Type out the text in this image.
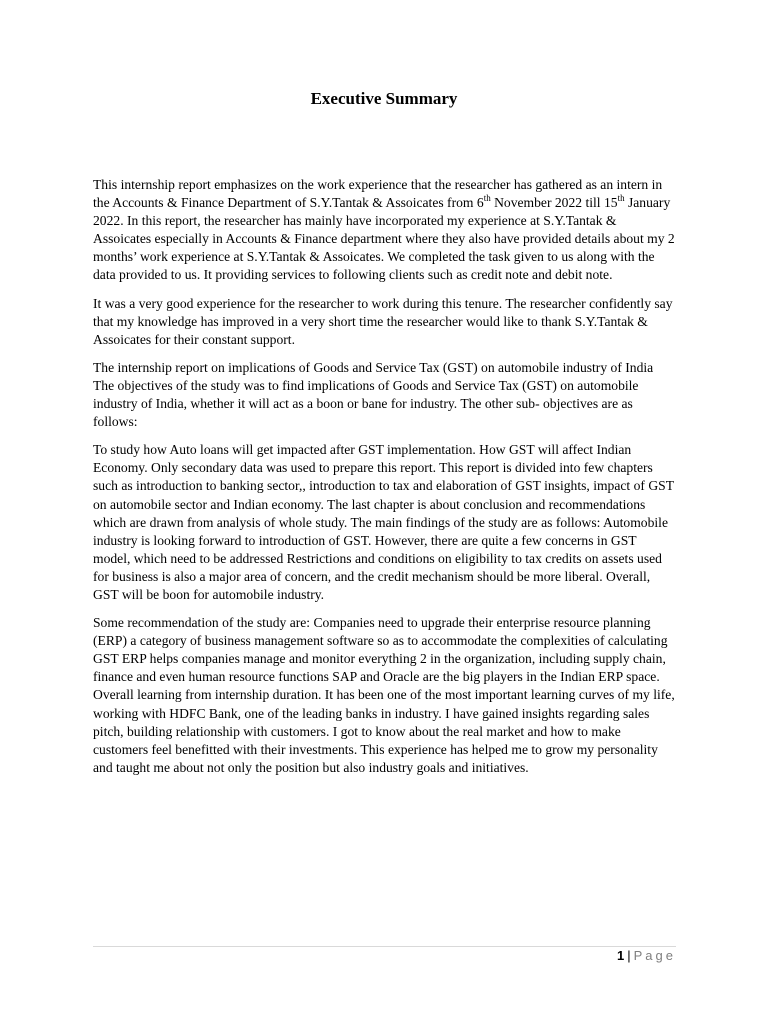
Executive Summary

This internship report emphasizes on the work experience that the researcher has gathered as an intern in the Accounts & Finance Department of S.Y.Tantak & Assoicates from 6th November 2022 till 15th January 2022. In this report, the researcher has mainly have incorporated my experience at S.Y.Tantak & Assoicates especially in Accounts & Finance department where they also have provided details about my 2 months’ work experience at S.Y.Tantak & Assoicates. We completed the task given to us along with the data provided to us. It providing services to following clients such as credit note and debit note.

It was a very good experience for the researcher to work during this tenure. The researcher confidently say that my knowledge has improved in a very short time the researcher would like to thank S.Y.Tantak & Assoicates for their constant support.

The internship report on implications of Goods and Service Tax (GST) on automobile industry of India The objectives of the study was to find implications of Goods and Service Tax (GST) on automobile industry of India, whether it will act as a boon or bane for industry. The other sub- objectives are as follows:

To study how Auto loans will get impacted after GST implementation. How GST will affect Indian Economy. Only secondary data was used to prepare this report. This report is divided into few chapters such as introduction to banking sector,, introduction to tax and elaboration of GST insights, impact of GST on automobile sector and Indian economy. The last chapter is about conclusion and recommendations which are drawn from analysis of whole study. The main findings of the study are as follows: Automobile industry is looking forward to introduction of GST. However, there are quite a few concerns in GST model, which need to be addressed Restrictions and conditions on eligibility to tax credits on assets used for business is also a major area of concern, and the credit mechanism should be more liberal. Overall, GST will be boon for automobile industry.

Some recommendation of the study are: Companies need to upgrade their enterprise resource planning (ERP) a category of business management software so as to accommodate the complexities of calculating GST ERP helps companies manage and monitor everything 2 in the organization, including supply chain, finance and even human resource functions SAP and Oracle are the big players in the Indian ERP space. Overall learning from internship duration. It has been one of the most important learning curves of my life, working with HDFC Bank, one of the leading banks in industry. I have gained insights regarding sales pitch, building relationship with customers. I got to know about the real market and how to make customers feel benefitted with their investments. This experience has helped me to grow my personality and taught me about not only the position but also industry goals and initiatives.

1 | Page
